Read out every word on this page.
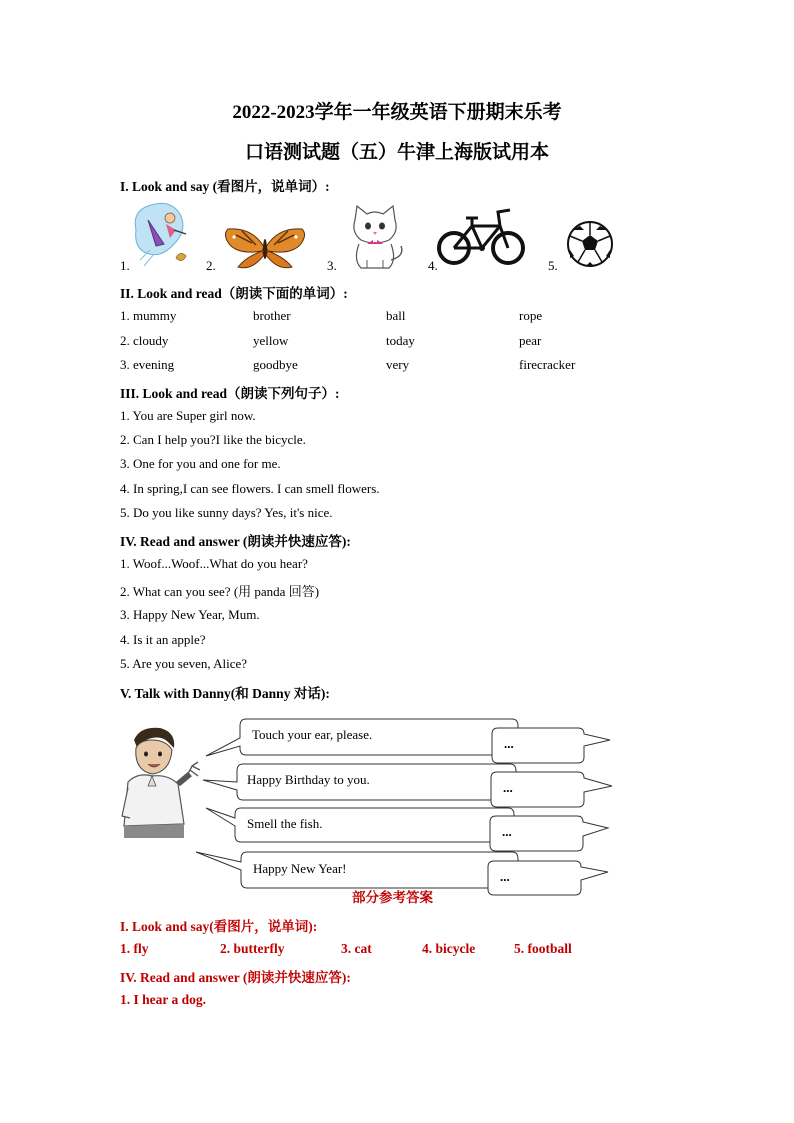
2022-2023学年一年级英语下册期末乐考
口语测试题（五）牛津上海版试用本
I. Look and say (看图片，说单词）:
1.	2.	3.	4.	5.
II. Look and read（朗读下面的单词）:
1. mummy	brother	ball	rope
2. cloudy	yellow	today	pear
3. evening	goodbye	very	firecracker
III. Look and read（朗读下列句子）:
1. You are Super girl now.
2. Can I help you?I like the bicycle.
3. One for you and one for me.
4. In spring,I can see flowers. I can smell flowers.
5. Do you like sunny days? Yes, it's nice.
IV. Read and answer (朗读并快速应答):
1. Woof...Woof...What do you hear?
2. What can you see? (用 panda 回答)
3. Happy New Year, Mum.
4. Is it an apple?
5. Are you seven, Alice?
V. Talk with Danny(和 Danny 对话):
Touch your ear, please.
Happy Birthday to you.
Smell the fish.
Happy New Year!
...
...
...
...
部分参考答案
I. Look and say(看图片，说单词):
1. fly	2. butterfly	3. cat	4. bicycle	5. football
IV. Read and answer (朗读并快速应答):
1. I hear a dog.
